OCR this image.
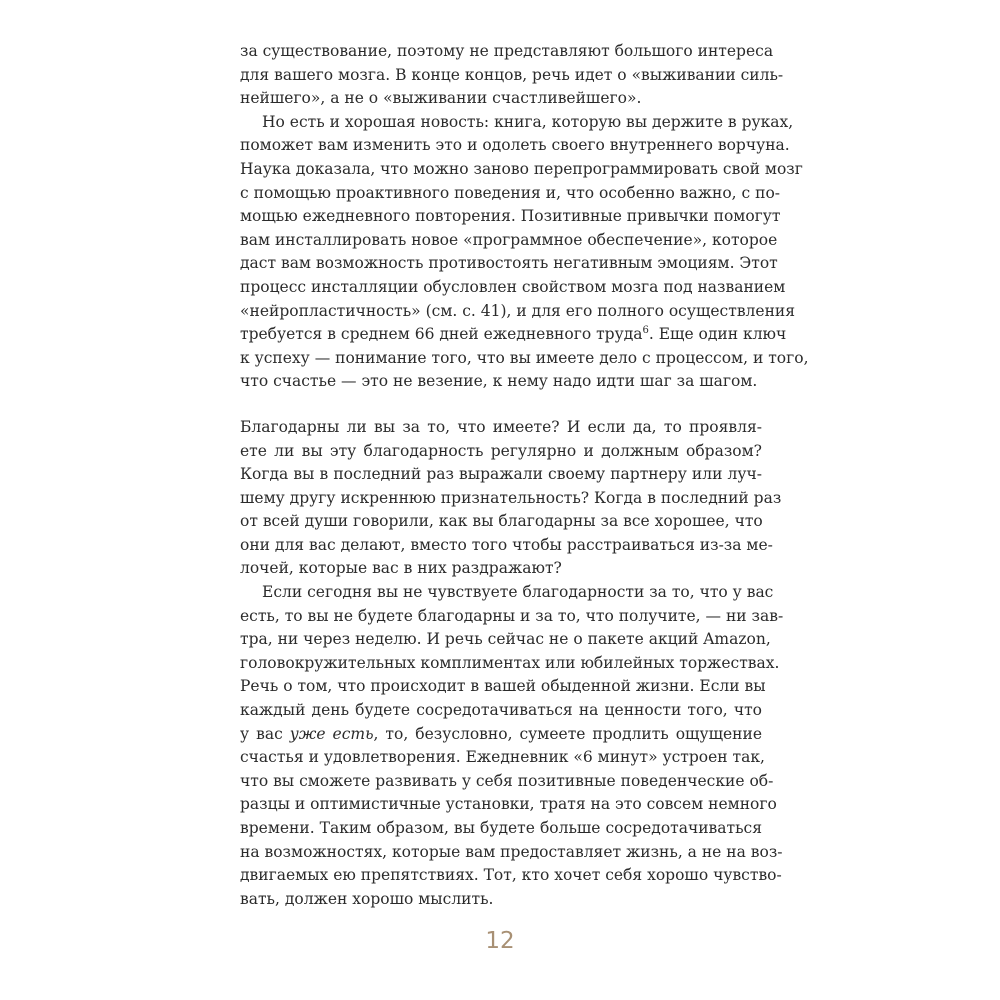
за существование, поэтому не представляют большого интереса
для вашего мозга. В конце концов, речь идет о «выживании силь-
нейшего», а не о «выживании счастливейшего».
Но есть и хорошая новость: книга, которую вы держите в руках,
поможет вам изменить это и одолеть своего внутреннего ворчуна.
Наука доказала, что можно заново перепрограммировать свой мозг
с помощью проактивного поведения и, что особенно важно, с по-
мощью ежедневного повторения. Позитивные привычки помогут
вам инсталлировать новое «программное обеспечение», которое
даст вам возможность противостоять негативным эмоциям. Этот
процесс инсталляции обусловлен свойством мозга под названием
«нейропластичность» (см. с. 41), и для его полного осуществления
требуется в среднем 66 дней ежедневного труда$^6$. Еще один ключ
к успеху — понимание того, что вы имеете дело с процессом, и того,
что счастье — это не везение, к нему надо идти шаг за шагом.
Благодарны ли вы за то, что имеете? И если да, то проявля-
ете ли вы эту благодарность регулярно и должным образом?
Когда вы в последний раз выражали своему партнеру или луч-
шему другу искреннюю признательность? Когда в последний раз
от всей души говорили, как вы благодарны за все хорошее, что
они для вас делают, вместо того чтобы расстраиваться из-за ме-
лочей, которые вас в них раздражают?
Если сегодня вы не чувствуете благодарности за то, что у вас
есть, то вы не будете благодарны и за то, что получите, — ни зав-
тра, ни через неделю. И речь сейчас не о пакете акций Amazon,
головокружительных комплиментах или юбилейных торжествах.
Речь о том, что происходит в вашей обыденной жизни. Если вы
каждый день будете сосредотачиваться на ценности того, что
у вас уже есть, то, безусловно, сумеете продлить ощущение
счастья и удовлетворения. Ежедневник «6 минут» устроен так,
что вы сможете развивать у себя позитивные поведенческие об-
разцы и оптимистичные установки, тратя на это совсем немного
времени. Таким образом, вы будете больше сосредотачиваться
на возможностях, которые вам предоставляет жизнь, а не на воз-
двигаемых ею препятствиях. Тот, кто хочет себя хорошо чувство-
вать, должен хорошо мыслить.
12
